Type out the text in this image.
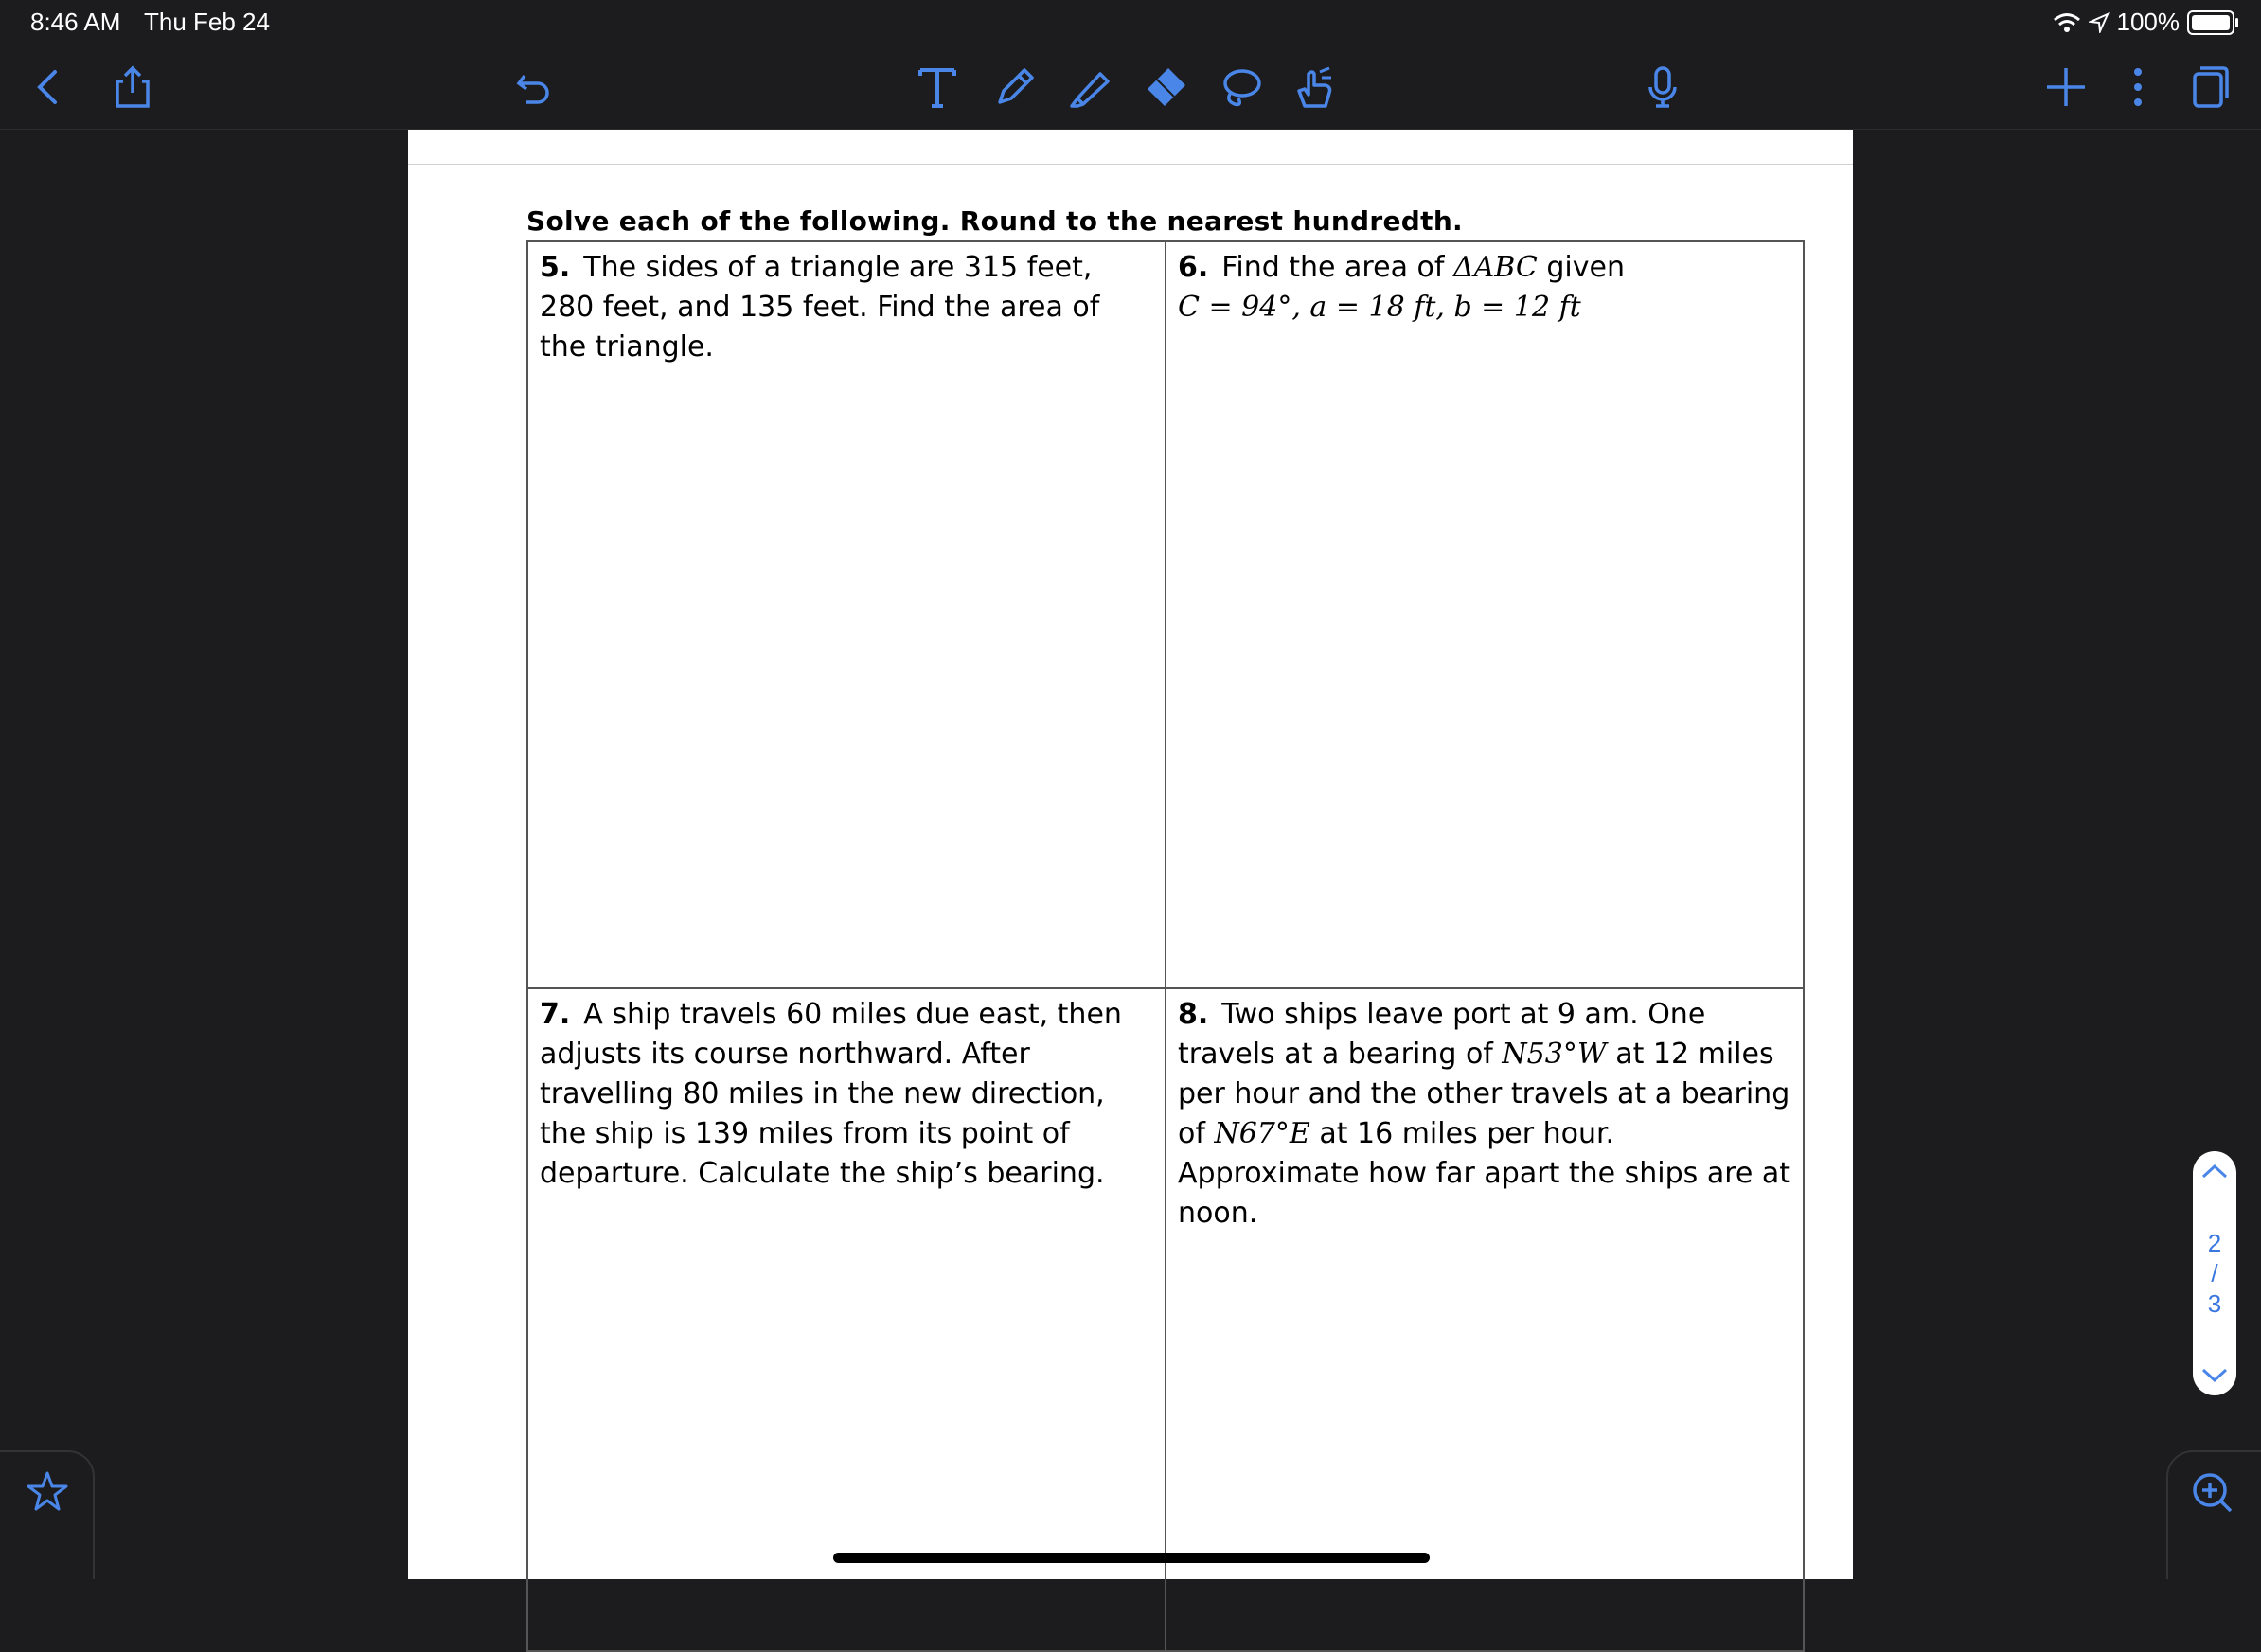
8:46 AM Thu Feb 24	100%
Solve each of the following. Round to the nearest hundredth.
5. The sides of a triangle are 315 feet, 280 feet, and 135 feet. Find the area of the triangle.
6. Find the area of ΔABC given
C = 94°, a = 18 ft, b = 12 ft
7. A ship travels 60 miles due east, then adjusts its course northward. After travelling 80 miles in the new direction, the ship is 139 miles from its point of departure. Calculate the ship’s bearing.
8. Two ships leave port at 9 am. One travels at a bearing of N53°W at 12 miles per hour and the other travels at a bearing of N67°E at 16 miles per hour. Approximate how far apart the ships are at noon.
2
/
3
